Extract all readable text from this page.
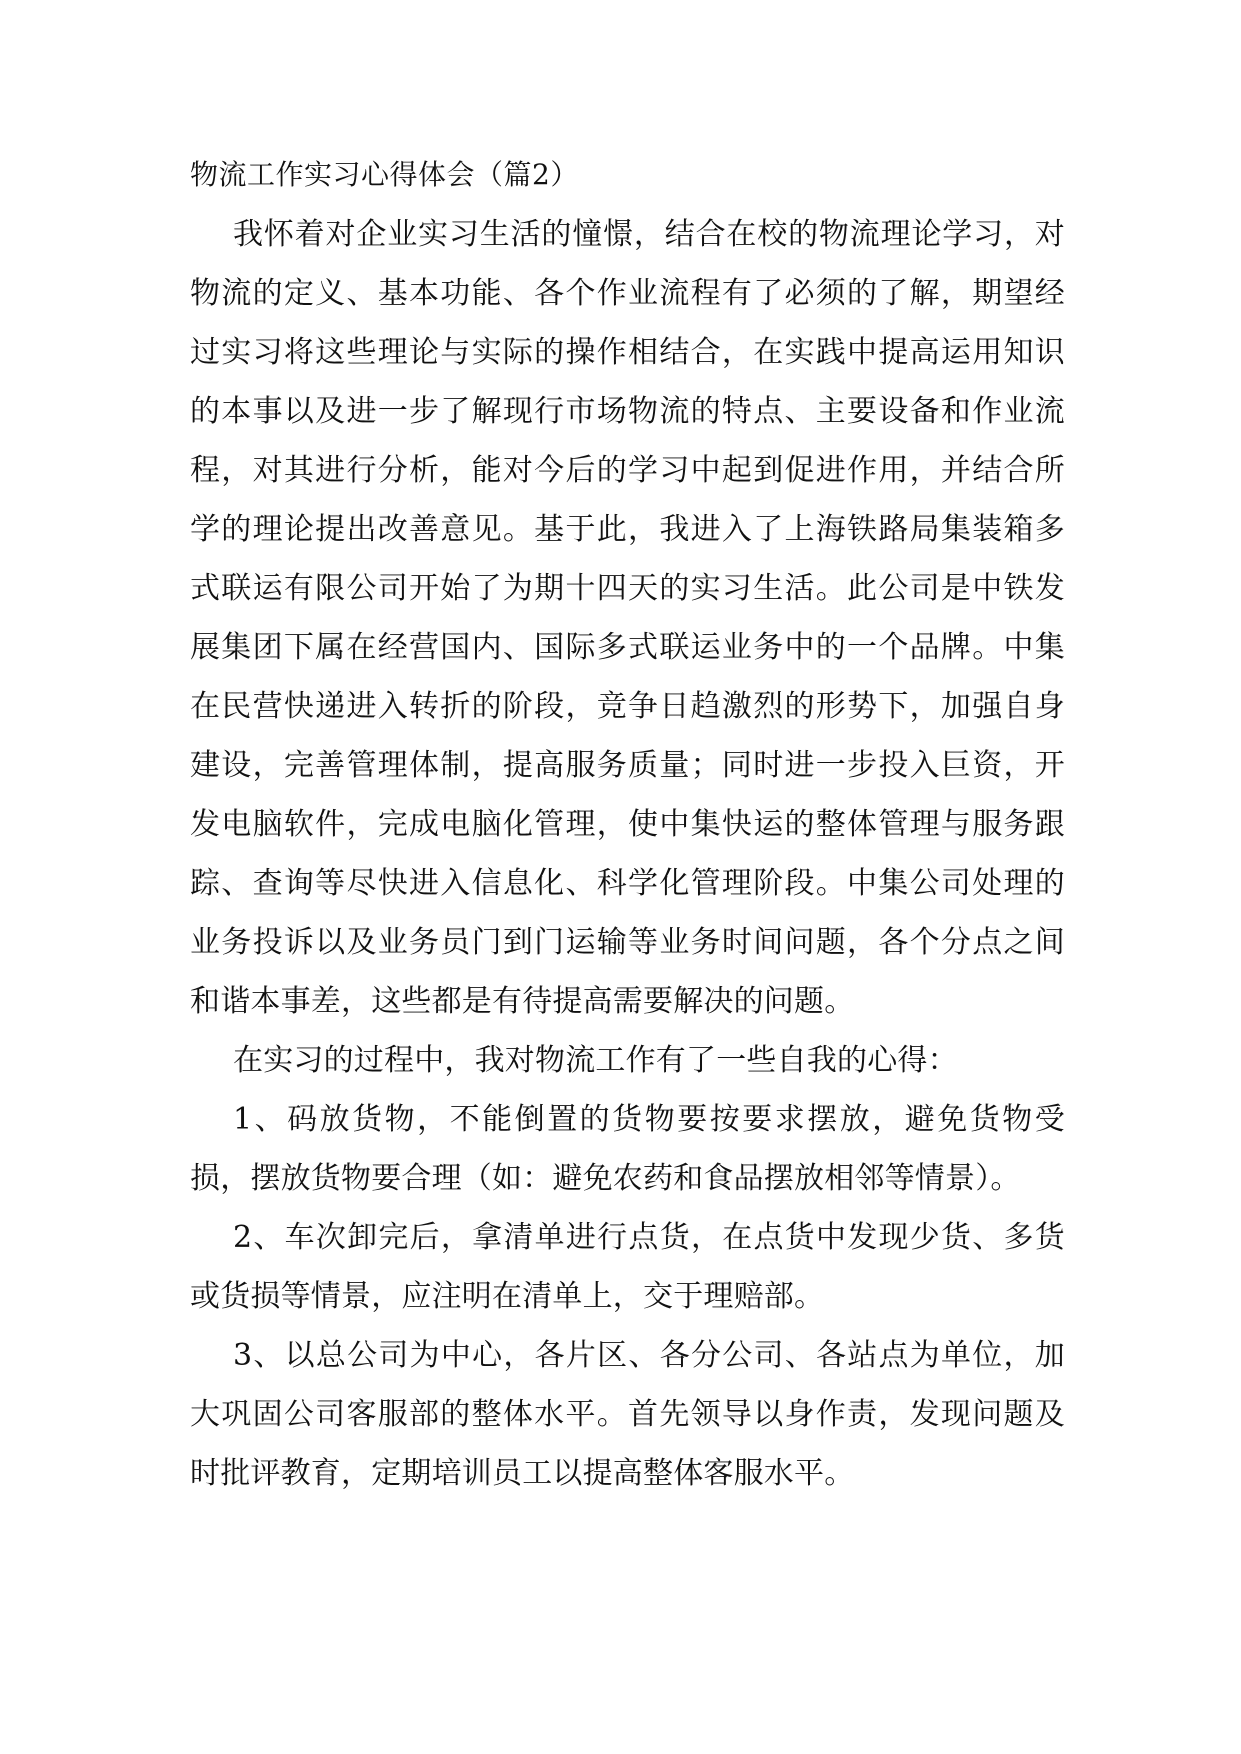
物流工作实习心得体会（篇2）

我怀着对企业实习生活的憧憬，结合在校的物流理论学习，对物流的定义、基本功能、各个作业流程有了必须的了解，期望经过实习将这些理论与实际的操作相结合，在实践中提高运用知识的本事以及进一步了解现行市场物流的特点、主要设备和作业流程，对其进行分析，能对今后的学习中起到促进作用，并结合所学的理论提出改善意见。基于此，我进入了上海铁路局集装箱多式联运有限公司开始了为期十四天的实习生活。此公司是中铁发展集团下属在经营国内、国际多式联运业务中的一个品牌。中集在民营快递进入转折的阶段，竞争日趋激烈的形势下，加强自身建设，完善管理体制，提高服务质量；同时进一步投入巨资，开发电脑软件，完成电脑化管理，使中集快运的整体管理与服务跟踪、查询等尽快进入信息化、科学化管理阶段。中集公司处理的业务投诉以及业务员门到门运输等业务时间问题，各个分点之间和谐本事差，这些都是有待提高需要解决的问题。

在实习的过程中，我对物流工作有了一些自我的心得：

1、码放货物，不能倒置的货物要按要求摆放，避免货物受损，摆放货物要合理（如：避免农药和食品摆放相邻等情景）。

2、车次卸完后，拿清单进行点货，在点货中发现少货、多货或货损等情景，应注明在清单上，交于理赔部。

3、以总公司为中心，各片区、各分公司、各站点为单位，加大巩固公司客服部的整体水平。首先领导以身作责，发现问题及时批评教育，定期培训员工以提高整体客服水平。
